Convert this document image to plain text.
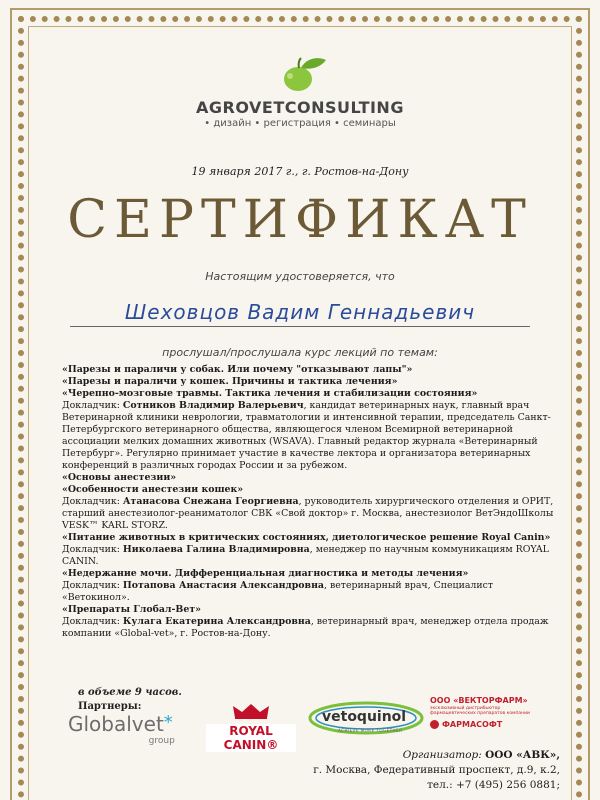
AGROVETCONSULTING
• дизайн • регистрация • семинары
19 января 2017 г., г. Ростов-на-Дону
СЕРТИФИКАТ
Настоящим удостоверяется, что
Шеховцов Вадим Геннадьевич
прослушал/прослушала курс лекций по темам:
«Парезы и параличи у собак. Или почему "отказывают лапы"»
«Парезы и параличи у кошек. Причины и тактика лечения»
«Черепно-мозговые травмы. Тактика лечения и стабилизации состояния»
Докладчик: Сотников Владимир Валерьевич, кандидат ветеринарных наук, главный врач Ветеринарной клиники неврологии, травматологии и интенсивной терапии, председатель Санкт-Петербургского ветеринарного общества, являющегося членом Всемирной ветеринарной ассоциации мелких домашних животных (WSAVA). Главный редактор журнала «Ветеринарный Петербург». Регулярно принимает участие в качестве лектора и организатора ветеринарных конференций в различных городах России и за рубежом.
«Основы анестезии»
«Особенности анестезии кошек»
Докладчик: Атанасова Снежана Георгиевна, руководитель хирургического отделения и ОРИТ, старший анестезиолог-реаниматолог СВК «Свой доктор» г. Москва, анестезиолог ВетЭндоШколы VESK™ KARL STORZ.
«Питание животных в критических состояниях, диетологическое решение Royal Canin»
Докладчик: Николаева Галина Владимировна, менеджер по научным коммуникациям ROYAL CANIN.
«Недержание мочи. Дифференциальная диагностика и методы лечения»
Докладчик: Потапова Анастасия Александровна, ветеринарный врач, Специалист «Ветокинол».
«Препараты Глобал-Вет»
Докладчик: Кулага Екатерина Александровна, ветеринарный врач, менеджер отдела продаж компании «Global-vet», г. Ростов-на-Дону.
в объеме 9 часов.
Партнеры:
Globalvet*
group
ROYAL CANIN®
vetoquinol
ACHIEVE MORE TOGETHER
ООО «ВЕКТОРФАРМ»
эксклюзивный дистрибьютор фармацевтических препаратов компании
ФАРМАСОФТ
Организатор: ООО «АВК»,
г. Москва, Федеративный проспект, д.9, к.2,
тел.: +7 (495) 256 0881;
